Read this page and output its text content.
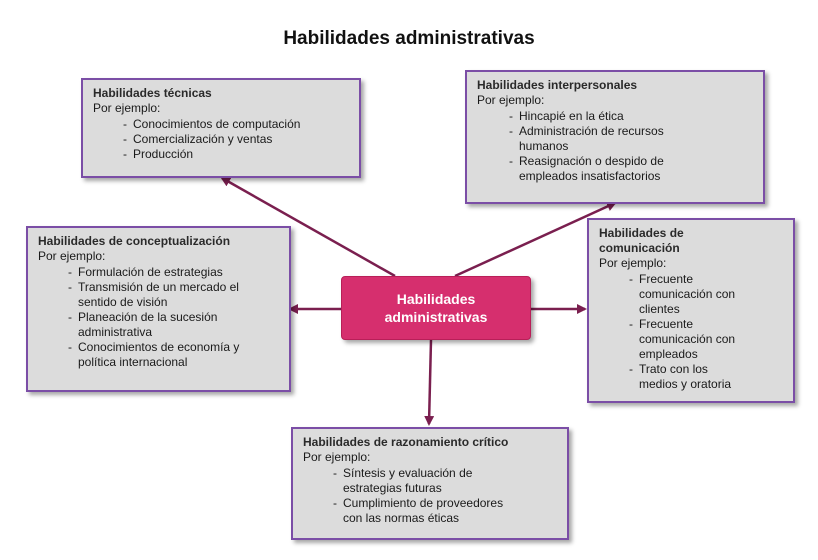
Habilidades administrativas
Habilidades técnicas
Por ejemplo:
- Conocimientos de computación
- Comercialización y ventas
- Producción
Habilidades interpersonales
Por ejemplo:
- Hincapié en la ética
- Administración de recursos humanos
- Reasignación o despido de empleados insatisfactorios
Habilidades de conceptualización
Por ejemplo:
- Formulación de estrategias
- Transmisión de un mercado el sentido de visión
- Planeación de la sucesión administrativa
- Conocimientos de economía y política internacional
Habilidades de comunicación
Por ejemplo:
- Frecuente comunicación con clientes
- Frecuente comunicación con empleados
- Trato con los medios y oratoria
Habilidades de razonamiento crítico
Por ejemplo:
- Síntesis y evaluación de estrategias futuras
- Cumplimiento de proveedores con las normas éticas
Habilidades administrativas
